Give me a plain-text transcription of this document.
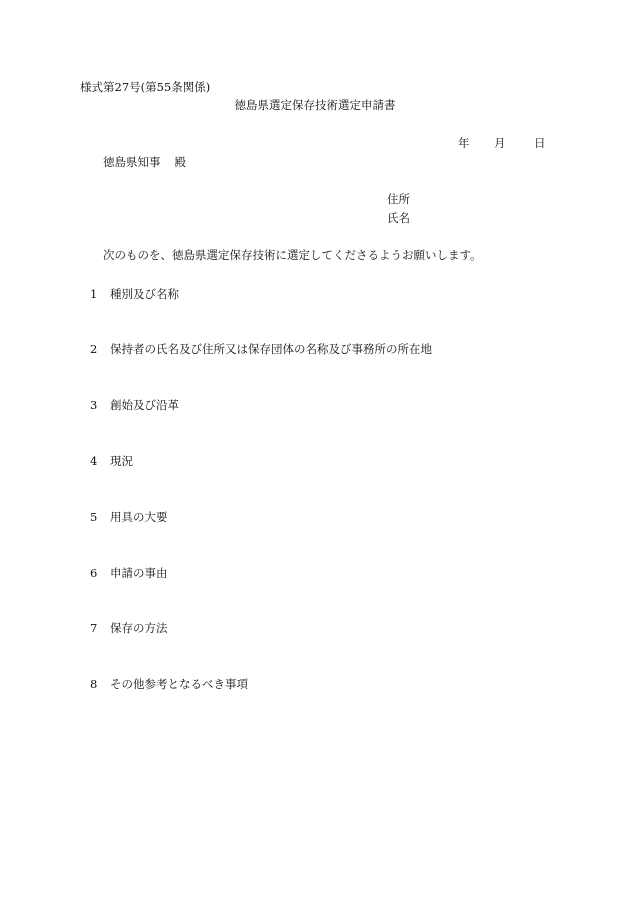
様式第27号(第55条関係)
徳島県選定保存技術選定申請書
年 月 日
徳島県知事 殿
住所
氏名
次のものを、徳島県選定保存技術に選定してくださるようお願いします。
1 種別及び名称
2 保持者の氏名及び住所又は保存団体の名称及び事務所の所在地
3 創始及び沿革
4 現況
5 用具の大要
6 申請の事由
7 保存の方法
8 その他参考となるべき事項
